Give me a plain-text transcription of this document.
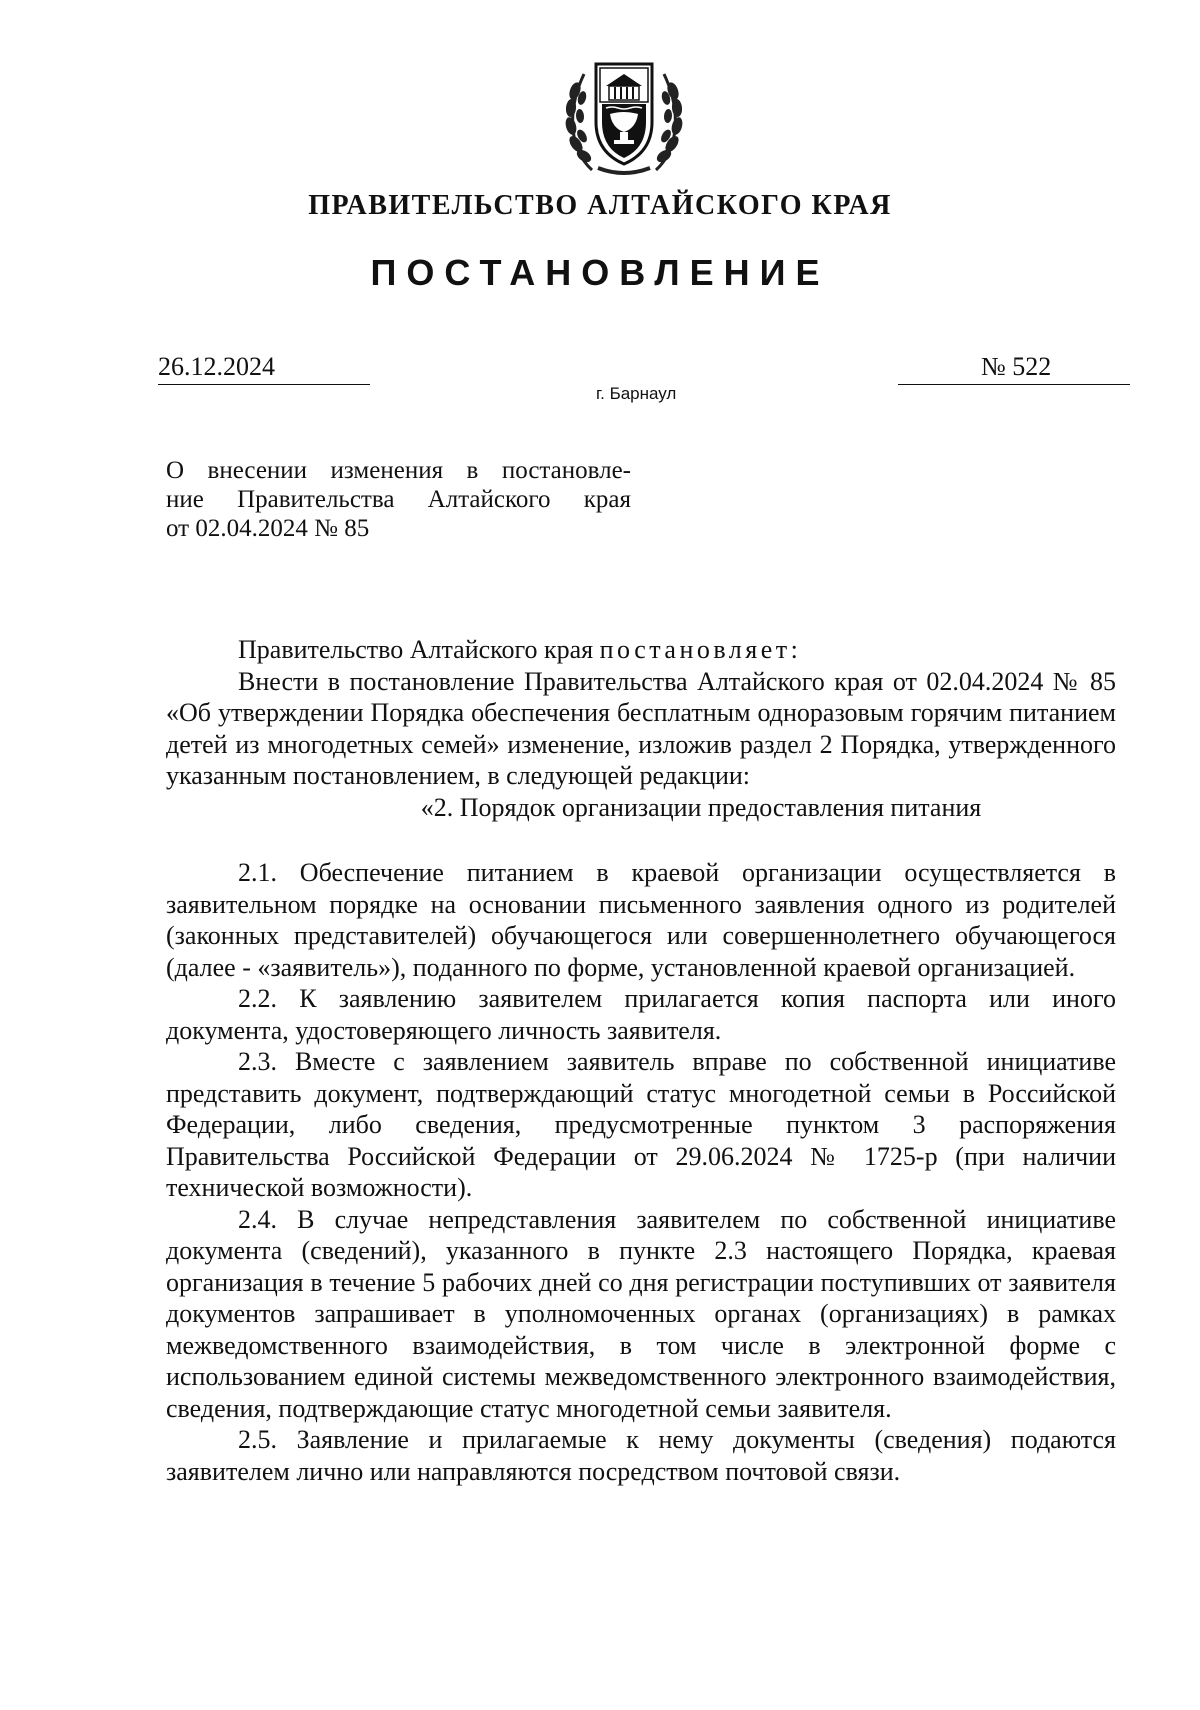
ПРАВИТЕЛЬСТВО АЛТАЙСКОГО КРАЯ
ПОСТАНОВЛЕНИЕ
26.12.2024	№ 522
г. Барнаул
О внесении изменения в постановле-
ние Правительства Алтайского края
от 02.04.2024 № 85

Правительство Алтайского края постановляет:

Внести в постановление Правительства Алтайского края от 02.04.2024 № 85 «Об утверждении Порядка обеспечения бесплатным одноразовым горячим питанием детей из многодетных семей» изменение, изложив раздел 2 Порядка, утвержденного указанным постановлением, в следующей редакции:

«2. Порядок организации предоставления питания

2.1. Обеспечение питанием в краевой организации осуществляется в заявительном порядке на основании письменного заявления одного из родителей (законных представителей) обучающегося или совершеннолетнего обучающегося (далее - «заявитель»), поданного по форме, установленной краевой организацией.

2.2. К заявлению заявителем прилагается копия паспорта или иного документа, удостоверяющего личность заявителя.

2.3. Вместе с заявлением заявитель вправе по собственной инициативе представить документ, подтверждающий статус многодетной семьи в Российской Федерации, либо сведения, предусмотренные пунктом 3 распоряжения Правительства Российской Федерации от 29.06.2024 № 1725-р (при наличии технической возможности).

2.4. В случае непредставления заявителем по собственной инициативе документа (сведений), указанного в пункте 2.3 настоящего Порядка, краевая организация в течение 5 рабочих дней со дня регистрации поступивших от заявителя документов запрашивает в уполномоченных органах (организациях) в рамках межведомственного взаимодействия, в том числе в электронной форме с использованием единой системы межведомственного электронного взаимодействия, сведения, подтверждающие статус многодетной семьи заявителя.

2.5. Заявление и прилагаемые к нему документы (сведения) подаются заявителем лично или направляются посредством почтовой связи.
